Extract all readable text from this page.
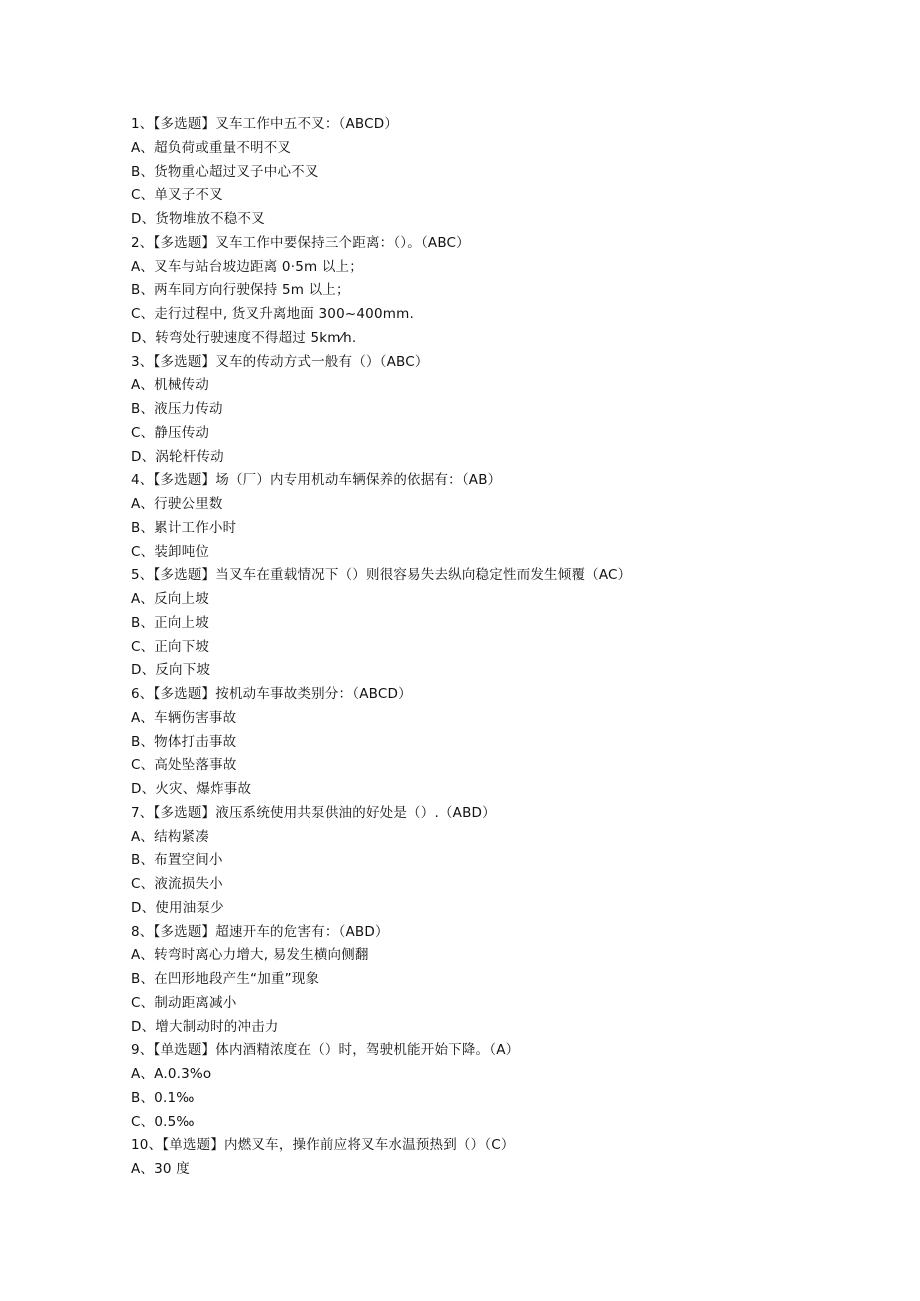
1、【多选题】叉车工作中五不叉：（ABCD）
A、超负荷或重量不明不叉
B、货物重心超过叉子中心不叉
C、单叉子不叉
D、货物堆放不稳不叉
2、【多选题】叉车工作中要保持三个距离：（）。（ABC）
A、叉车与站台坡边距离 0·5m 以上；
B、两车同方向行驶保持 5m 以上；
C、走行过程中, 货叉升离地面 300~400mm.
D、转弯处行驶速度不得超过 5km⁄h.
3、【多选题】叉车的传动方式一般有（）（ABC）
A、机械传动
B、液压力传动
C、静压传动
D、涡轮杆传动
4、【多选题】场（厂）内专用机动车辆保养的依据有：（AB）
A、行驶公里数
B、累计工作小时
C、装卸吨位
5、【多选题】当叉车在重载情况下（）则很容易失去纵向稳定性而发生倾覆（AC）
A、反向上坡
B、正向上坡
C、正向下坡
D、反向下坡
6、【多选题】按机动车事故类别分：（ABCD）
A、车辆伤害事故
B、物体打击事故
C、高处坠落事故
D、火灾、爆炸事故
7、【多选题】液压系统使用共泵供油的好处是（）.（ABD）
A、结构紧凑
B、布置空间小
C、液流损失小
D、使用油泵少
8、【多选题】超速开车的危害有：（ABD）
A、转弯时离心力增大, 易发生横向侧翻
B、在凹形地段产生“加重”现象
C、制动距离减小
D、增大制动时的冲击力
9、【单选题】体内酒精浓度在（）时，驾驶机能开始下降。（A）
A、A.0.3%o
B、0.1‰
C、0.5‰
10、【单选题】内燃叉车，操作前应将叉车水温预热到（）（C）
A、30 度
